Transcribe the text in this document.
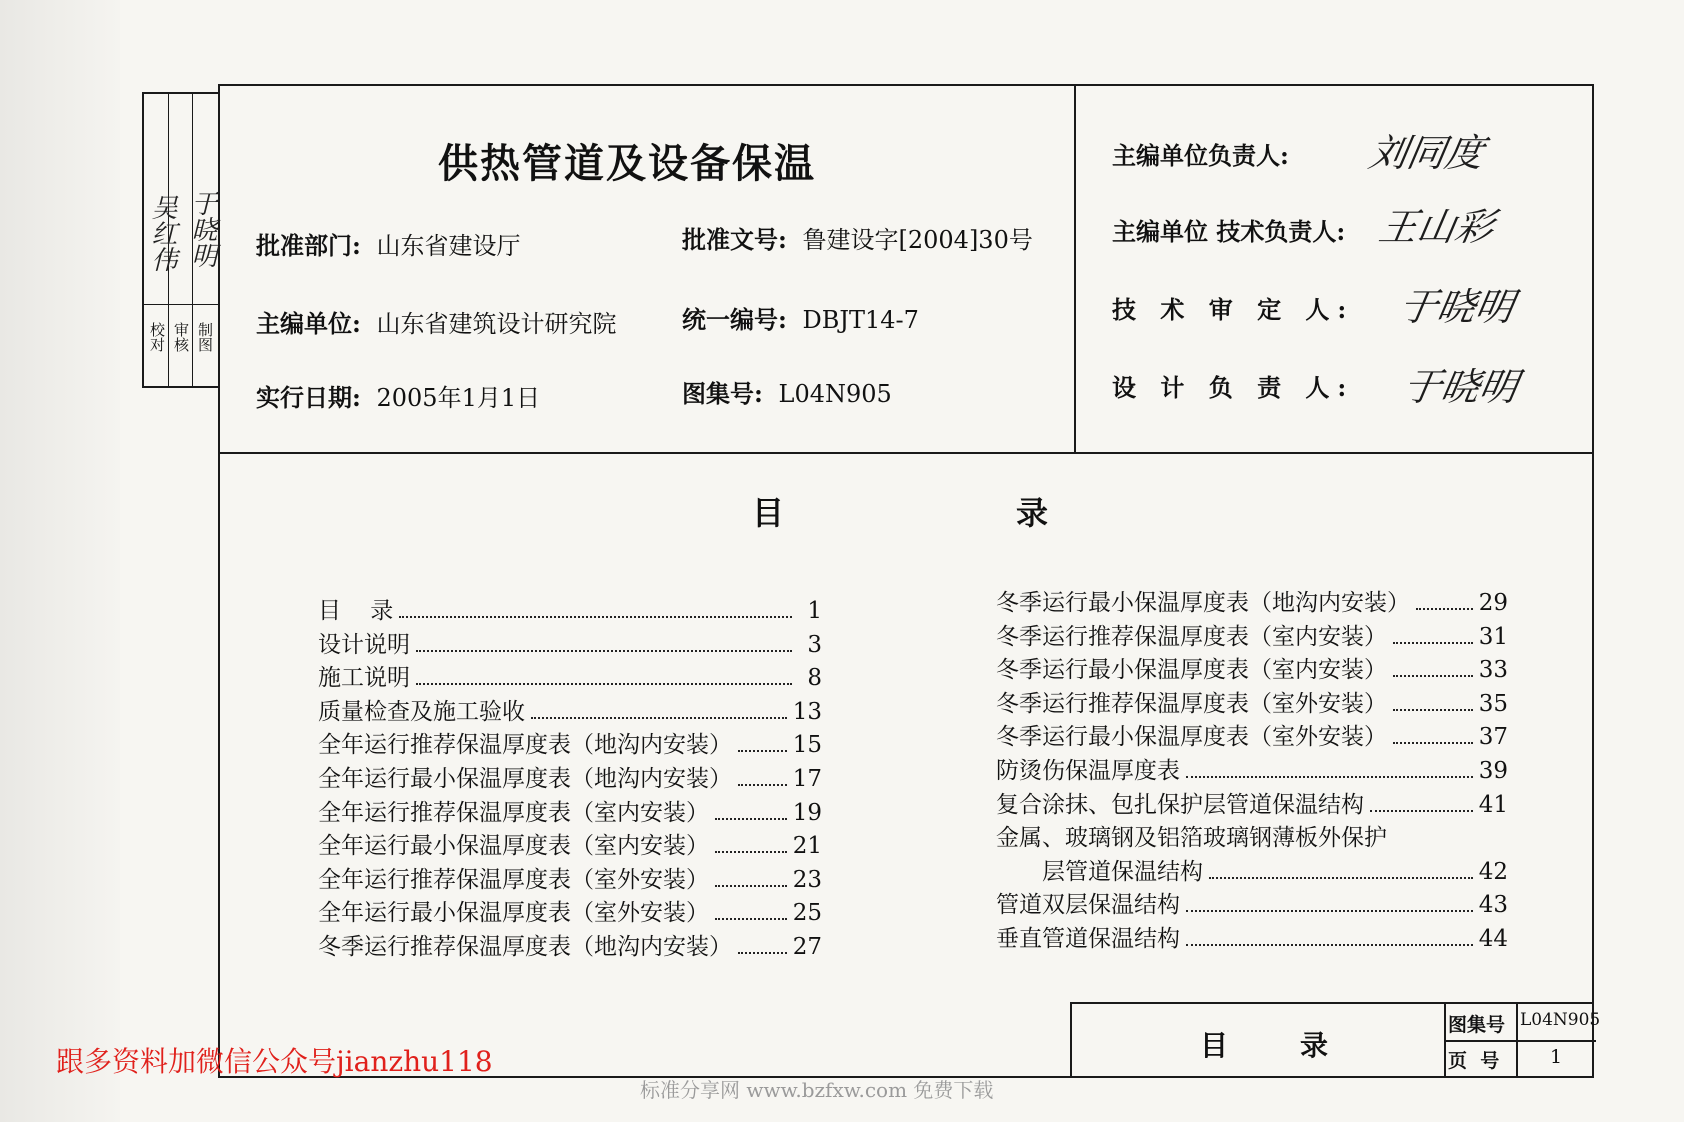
校对 审核 制图
吴红伟 于晓明
供热管道及设备保温
批准部门: 山东省建设厅	批准文号: 鲁建设字[2004]30号
主编单位: 山东省建筑设计研究院	统一编号: DBJT14-7
实行日期: 2005年1月1日	图集号: L04N905
主编单位负责人: 刘同度
主编单位 技术负责人: 王山彩
技 术 审 定 人: 于晓明
设 计 负 责 人: 于晓明
目	录
目    录	1
设计说明	3
施工说明	8
质量检查及施工验收	13
全年运行推荐保温厚度表（地沟内安装）	15
全年运行最小保温厚度表（地沟内安装）	17
全年运行推荐保温厚度表（室内安装）	19
全年运行最小保温厚度表（室内安装）	21
全年运行推荐保温厚度表（室外安装）	23
全年运行最小保温厚度表（室外安装）	25
冬季运行推荐保温厚度表（地沟内安装）	27
冬季运行最小保温厚度表（地沟内安装）	29
冬季运行推荐保温厚度表（室内安装）	31
冬季运行最小保温厚度表（室内安装）	33
冬季运行推荐保温厚度表（室外安装）	35
冬季运行最小保温厚度表（室外安装）	37
防烫伤保温厚度表	39
复合涂抹、包扎保护层管道保温结构	41
金属、玻璃钢及铝箔玻璃钢薄板外保护
层管道保温结构	42
管道双层保温结构	43
垂直管道保温结构	44
目	录
图集号 L04N905
页  号	1
跟多资料加微信公众号jianzhu118
标准分享网 www.bzfxw.com 免费下载
